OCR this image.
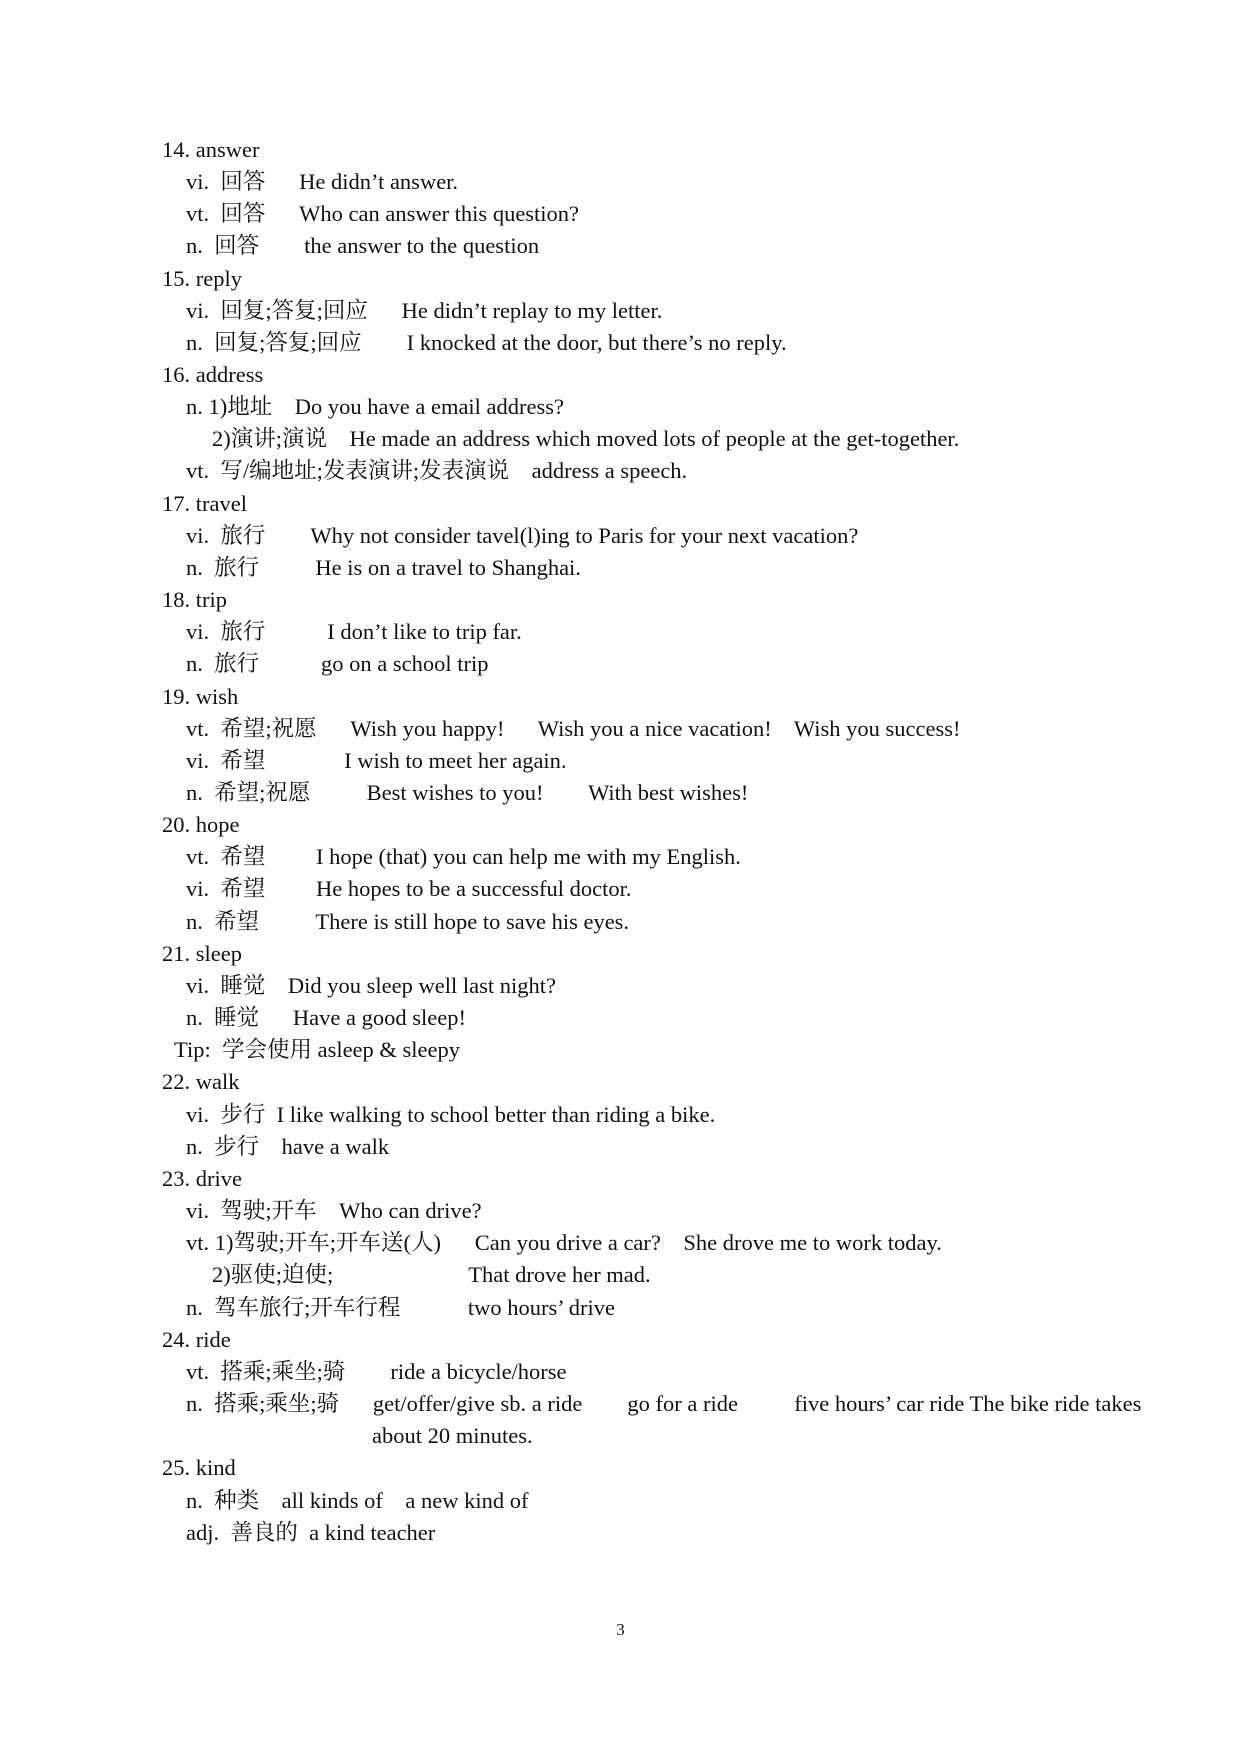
14. answer
vi.  回答      He didn’t answer.
vt.  回答      Who can answer this question?
n.  回答        the answer to the question
15. reply
vi.  回复;答复;回应      He didn’t replay to my letter.
n.  回复;答复;回应        I knocked at the door, but there’s no reply.
16. address
n. 1)地址    Do you have a email address?
2)演讲;演说    He made an address which moved lots of people at the get-together.
vt.  写/编地址;发表演讲;发表演说    address a speech.
17. travel
vi.  旅行        Why not consider tavel(l)ing to Paris for your next vacation?
n.  旅行          He is on a travel to Shanghai.
18. trip
vi.  旅行           I don’t like to trip far.
n.  旅行           go on a school trip
19. wish
vt.  希望;祝愿      Wish you happy!      Wish you a nice vacation!    Wish you success!
vi.  希望              I wish to meet her again.
n.  希望;祝愿          Best wishes to you!        With best wishes!
20. hope
vt.  希望         I hope (that) you can help me with my English.
vi.  希望         He hopes to be a successful doctor.
n.  希望          There is still hope to save his eyes.
21. sleep
vi.  睡觉    Did you sleep well last night?
n.  睡觉      Have a good sleep!
Tip:  学会使用 asleep & sleepy
22. walk
vi.  步行  I like walking to school better than riding a bike.
n.  步行    have a walk
23. drive
vi.  驾驶;开车    Who can drive?
vt. 1)驾驶;开车;开车送(人)      Can you drive a car?    She drove me to work today.
2)驱使;迫使;                        That drove her mad.
n.  驾车旅行;开车行程            two hours’ drive
24. ride
vt.  搭乘;乘坐;骑        ride a bicycle/horse
n.  搭乘;乘坐;骑      get/offer/give sb. a ride        go for a ride          five hours’ car ride The bike ride takes
about 20 minutes.
25. kind
n.  种类    all kinds of    a new kind of
adj.  善良的  a kind teacher
3
